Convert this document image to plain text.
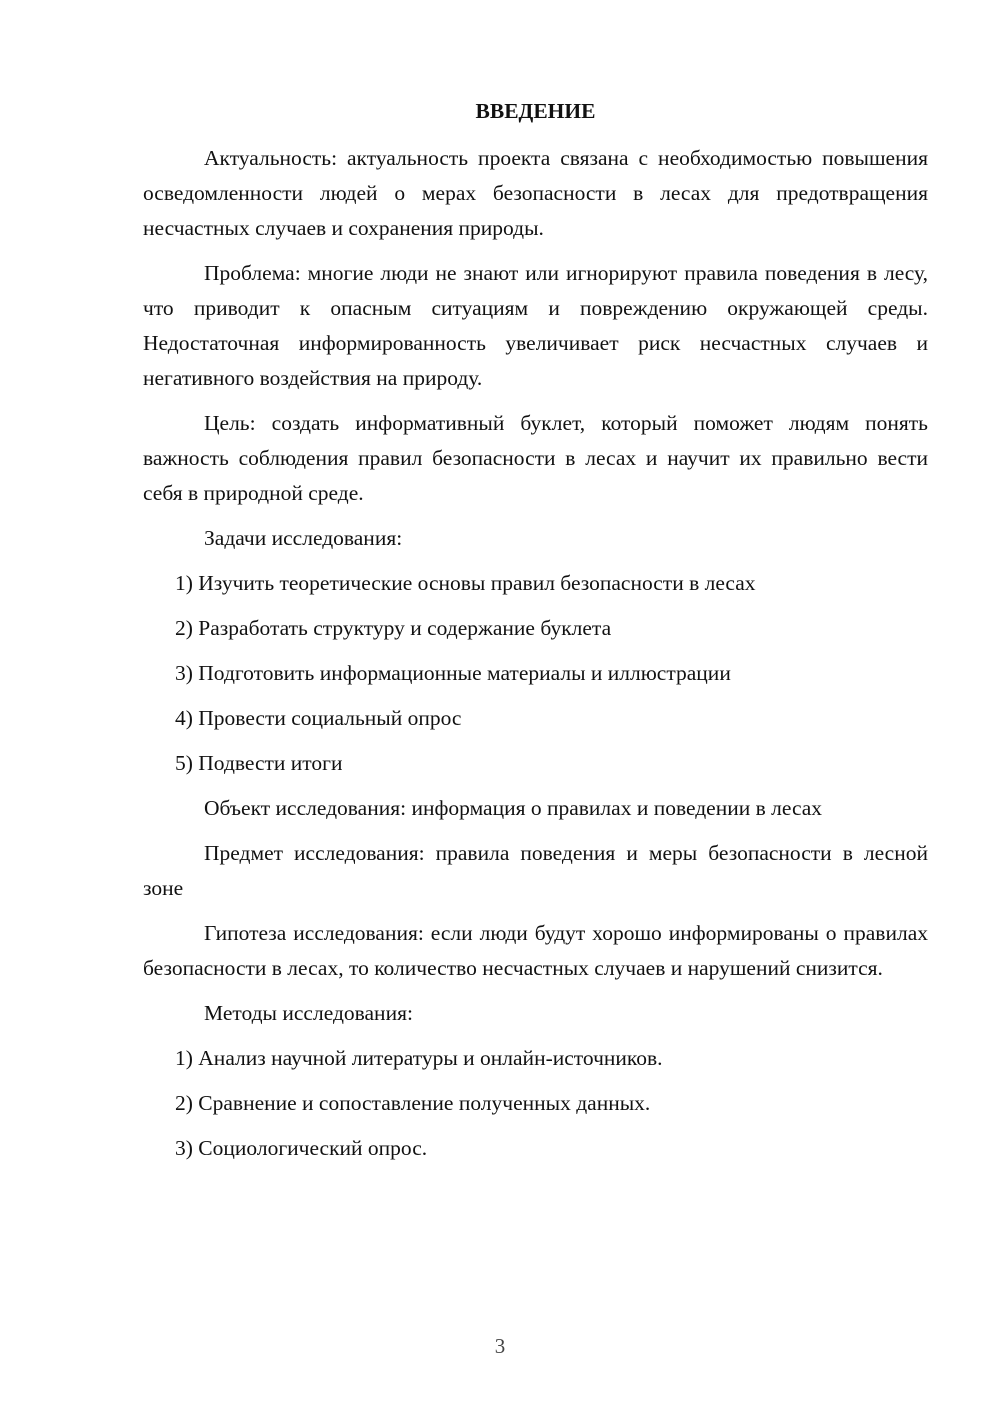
ВВЕДЕНИЕ

Актуальность: актуальность проекта связана с необходимостью повышения осведомленности людей о мерах безопасности в лесах для предотвращения несчастных случаев и сохранения природы.

Проблема: многие люди не знают или игнорируют правила поведения в лесу, что приводит к опасным ситуациям и повреждению окружающей среды. Недостаточная информированность увеличивает риск несчастных случаев и негативного воздействия на природу.

Цель: создать информативный буклет, который поможет людям понять важность соблюдения правил безопасности в лесах и научит их правильно вести себя в природной среде.

Задачи исследования:
1) Изучить теоретические основы правил безопасности в лесах
2) Разработать структуру и содержание буклета
3) Подготовить информационные материалы и иллюстрации
4) Провести социальный опрос
5) Подвести итоги

Объект исследования: информация о правилах и поведении в лесах

Предмет исследования: правила поведения и меры безопасности в лесной зоне

Гипотеза исследования: если люди будут хорошо информированы о правилах безопасности в лесах, то количество несчастных случаев и нарушений снизится.

Методы исследования:
1) Анализ научной литературы и онлайн-источников.
2) Сравнение и сопоставление полученных данных.
3) Социологический опрос.
3
